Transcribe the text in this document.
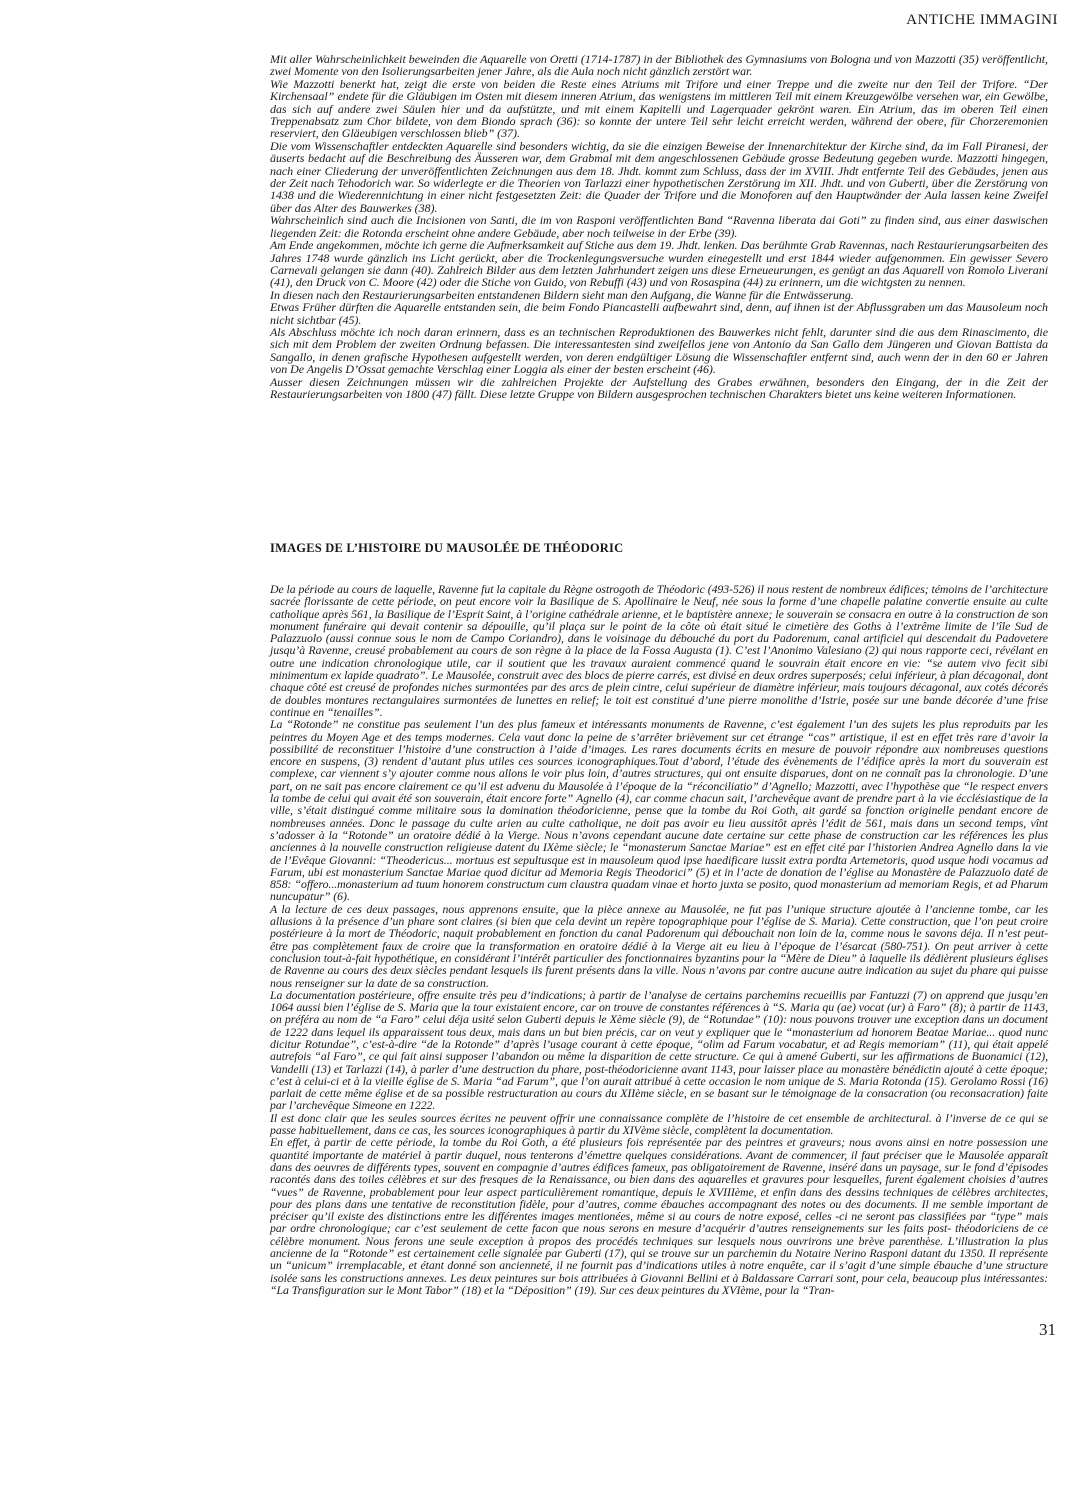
ANTICHE IMMAGINI

Mit aller Wahrscheinlichkeit beweinden die Aquarelle von Oretti (1714-1787) in der Bibliothek des Gymnasiums von Bologna und von Mazzotti (35) veröffentlicht, zwei Momente von den Isolierungsarbeiten jener Jahre, als die Aula noch nicht gänzlich zerstört war.

Wie Mazzotti benerkt hat, zeigt die erste von beiden die Reste eines Atriums mit Trifore und einer Treppe und die zweite nur den Teil der Trifore. “Der Kirchensaal” endete für die Gläubigen im Osten mit diesem inneren Atrium, das wenigstens im mittleren Teil mit einem Kreuzgewölbe versehen war, ein Gewölbe, das sich auf andere zwei Säulen hier und da aufstützte, und mit einem Kapitelli und Lagerquader gekrönt waren. Ein Atrium, das im oberen Teil einen Treppenabsatz zum Chor bildete, von dem Biondo sprach (36): so konnte der untere Teil sehr leicht erreicht werden, während der obere, für Chorzeremonien reserviert, den Gläeubigen verschlossen blieb” (37).

Die vom Wissenschaftler entdeckten Aquarelle sind besonders wichtig, da sie die einzigen Beweise der Innenarchitektur der Kirche sind, da im Fall Piranesi, der äuserts bedacht auf die Beschreibung des Äusseren war, dem Grabmal mit dem angeschlossenen Gebäude grosse Bedeutung gegeben wurde. Mazzotti hingegen, nach einer Cliederung der unveröffentlichten Zeichnungen aus dem 18. Jhdt. kommt zum Schluss, dass der im XVIII. Jhdt entfernte Teil des Gebäudes, jenen aus der Zeit nach Tehodorich war. So widerlegte er die Theorien von Tarlazzi einer hypothetischen Zerstörung im XII. Jhdt. und von Guberti, über die Zerstörung von 1438 und die Wiederennichtung in einer nicht festgesetzten Zeit: die Quader der Trifore und die Monoforen auf den Hauptwänder der Aula lassen keine Zweifel über das Alter des Bauwerkes (38).

Wahrscheinlich sind auch die Incisionen von Santi, die im von Rasponi veröffentlichten Band “Ravenna liberata dai Goti” zu finden sind, aus einer daswischen liegenden Zeit: die Rotonda erscheint ohne andere Gebäude, aber noch teilweise in der Erbe (39).

Am Ende angekommen, möchte ich gerne die Aufmerksamkeit auf Stiche aus dem 19. Jhdt. lenken. Das berühmte Grab Ravennas, nach Restaurierungsarbeiten des Jahres 1748 wurde gänzlich ins Licht gerückt, aber die Trockenlegungsversuche wurden einegestellt und erst 1844 wieder aufgenommen. Ein gewisser Severo Carnevali gelangen sie dann (40). Zahlreich Bilder aus dem letzten Jahrhundert zeigen uns diese Erneueurungen, es genügt an das Aquarell von Romolo Liverani (41), den Druck von C. Moore (42) oder die Stiche von Guido, von Rebuffi (43) und von Rosaspina (44) zu erinnern, um die wichtgsten zu nennen.

In diesen nach den Restaurierungsarbeiten entstandenen Bildern sieht man den Aufgang, die Wanne für die Entwässerung.

Etwas Früher dürften die Aquarelle entstanden sein, die beim Fondo Piancastelli aufbewahrt sind, denn, auf ihnen ist der Abflussgraben um das Mausoleum noch nicht sichtbar (45).

Als Abschluss möchte ich noch daran erinnern, dass es an technischen Reproduktionen des Bauwerkes nicht fehlt, darunter sind die aus dem Rinascimento, die sich mit dem Problem der zweiten Ordnung befassen. Die interessantesten sind zweifellos jene von Antonio da San Gallo dem Jüngeren und Giovan Battista da Sangallo, in denen grafische Hypothesen aufgestellt werden, von deren endgültiger Lösung die Wissenschaftler entfernt sind, auch wenn der in den 60 er Jahren von De Angelis D’Ossat gemachte Verschlag einer Loggia als einer der besten erscheint (46).

Ausser diesen Zeichnungen müssen wir die zahlreichen Projekte der Aufstellung des Grabes erwähnen, besonders den Eingang, der in die Zeit der Restaurierungsarbeiten von 1800 (47) fällt. Diese letzte Gruppe von Bildern ausgesprochen technischen Charakters bietet uns keine weiteren Informationen.

IMAGES DE L’HISTOIRE DU MAUSOLÉE DE THÉODORIC

De la période au cours de laquelle, Ravenne fut la capitale du Règne ostrogoth de Théodoric (493-526) il nous restent de nombreux édifices; témoins de l’architecture sacrée florissante de cette période, on peut encore voir la Basilique de S. Apollinaire le Neuf, née sous la forme d’une chapelle palatine convertie ensuite au culte catholique après 561, la Basilique de l’Esprit Saint, à l’origine cathédrale arienne, et le baptistère annexe; le souverain se consacra en outre à la construction de son monument funéraire qui devait contenir sa dépouille, qu’il plaça sur le point de la côte où était situé le cimetière des Goths à l’extrême limite de l’île Sud de Palazzuolo (aussi connue sous le nom de Campo Coriandro), dans le voisinage du débouché du port du Padorenum, canal artificiel qui descendait du Padovetere jusqu’à Ravenne, creusé probablement au cours de son règne à la place de la Fossa Augusta (1). C’est l’Anonimo Valesiano (2) qui nous rapporte ceci, révélant en outre une indication chronologique utile, car il soutient que les travaux auraient commencé quand le souvrain était encore en vie: “se autem vivo fecit sibi minimentum ex lapide quadrato”. Le Mausolée, construit avec des blocs de pierre carrés, est divisé en deux ordres superposés; celui inférieur, à plan décagonal, dont chaque côté est creusé de profondes niches surmontées par des arcs de plein cintre, celui supérieur de diamètre inférieur, mais toujours décagonal, aux cotés décorés de doubles montures rectangulaires surmontées de lunettes en relief; le toit est constitué d’une pierre monolithe d’Istrie, posée sur une bande décorée d’une frise continue en “tenailles”.

La “Rotonde” ne constitue pas seulement l’un des plus fameux et intéressants monuments de Ravenne, c’est également l’un des sujets les plus reproduits par les peintres du Moyen Age et des temps modernes. Cela vaut donc la peine de s’arrêter brièvement sur cet étrange “cas” artistique, il est en effet très rare d’avoir la possibilité de reconstituer l’histoire d’une construction à l’aide d’images. Les rares documents écrits en mesure de pouvoir répondre aux nombreuses questions encore en suspens, (3) rendent d’autant plus utiles ces sources iconographiques.Tout d’abord, l’étude des évènements de l’édifice après la mort du souverain est complexe, car viennent s’y ajouter comme nous allons le voir plus loin, d’autres structures, qui ont ensuite disparues, dont on ne connaît pas la chronologie. D’une part, on ne sait pas encore clairement ce qu’il est advenu du Mausolée à l’époque de la “réconciliatio” d’Agnello; Mazzotti, avec l’hypothèse que “le respect envers la tombe de celui qui avait été son souverain, était encore forte” Agnello (4), car comme chacun sait, l’archevêque avant de prendre part à la vie écclésiastique de la ville, s’était distingué comme militaire sous la domination théodoricienne, pense que la tombe du Roi Goth, ait gardé sa fonction originelle pendant encore de nombreuses années. Donc le passage du culte arien au culte catholique, ne doit pas avoir eu lieu aussitôt après l’édit de 561, mais dans un second temps, vînt s’adosser à la “Rotonde” un oratoire dédié à la Vierge. Nous n’avons cependant aucune date certaine sur cette phase de construction car les références les plus anciennes à la nouvelle construction religieuse datent du IXème siècle; le “monasterum Sanctae Mariae” est en effet cité par l’historien Andrea Agnello dans la vie de l’Evêque Giovanni: “Theodericus... mortuus est sepultusque est in mausoleum quod ipse haedificare iussit extra pordta Artemetoris, quod usque hodi vocamus ad Farum, ubi est monasterium Sanctae Mariae quod dicitur ad Memoria Regis Theodorici” (5) et in l’acte de donation de l’église au Monastère de Palazzuolo daté de 858: “offero...monasterium ad tuum honorem constructum cum claustra quadam vinae et horto juxta se posito, quod monasterium ad memoriam Regis, et ad Pharum nuncupatur” (6).

A la lecture de ces deux passages, nous apprenons ensuite, que la pièce annexe au Mausolée, ne fut pas l’unique structure ajoutée à l’ancienne tombe, car les allusions à la présence d’un phare sont claires (si bien que cela devint un repère topographique pour l’église de S. Maria). Cette construction, que l’on peut croire postérieure à la mort de Théodoric, naquit probablement en fonction du canal Padorenum qui débouchait non loin de la, comme nous le savons déja. Il n’est peut-être pas complètement faux de croire que la transformation en oratoire dédié à la Vierge ait eu lieu à l’époque de l’ésarcat (580-751). On peut arriver à cette conclusion tout-à-fait hypothétique, en considérant l’intérêt particulier des fonctionnaires byzantins pour la “Mère de Dieu” à laquelle ils dédièrent plusieurs églises de Ravenne au cours des deux siècles pendant lesquels ils furent présents dans la ville. Nous n’avons par contre aucune autre indication au sujet du phare qui puisse nous renseigner sur la date de sa construction.

La documentation postérieure, offre ensuite très peu d’indications; à partir de l’analyse de certains parchemins recueillis par Fantuzzi (7) on apprend que jusqu’en 1064 aussi bien l’église de S. Maria que la tour existaient encore, car on trouve de constantes références à “S. Maria qu (ae) vocat (ur) à Faro” (8); à partir de 1143, on préféra au nom de “a Faro” celui déja usité selon Guberti depuis le Xème siècle (9), de “Rotundae” (10): nous pouvons trouver une exception dans un document de 1222 dans lequel ils apparaissent tous deux, mais dans un but bien précis, car on veut y expliquer que le “monasterium ad honorem Beatae Mariae... quod nunc dicitur Rotundae”, c’est-à-dire “de la Rotonde” d’après l’usage courant à cette époque, “olim ad Farum vocabatur, et ad Regis memoriam” (11), qui était appelé autrefois “al Faro”, ce qui fait ainsi supposer l’abandon ou même la disparition de cette structure. Ce qui à amené Guberti, sur les affirmations de Buonamici (12), Vandelli (13) et Tarlazzi (14), à parler d’une destruction du phare, post-théodoricienne avant 1143, pour laisser place au monastère bénédictin ajouté à cette époque; c’est à celui-ci et à la vieille église de S. Maria “ad Farum”, que l’on aurait attribué à cette occasion le nom unique de S. Maria Rotonda (15). Gerolamo Rossi (16) parlait de cette même église et de sa possible restructuration au cours du XIIème siècle, en se basant sur le témoignage de la consacration (ou reconsacration) faite par l’archevêque Simeone en 1222.

Il est donc clair que les seules sources écrites ne peuvent offrir une connaissance complète de l’histoire de cet ensemble de architectural. à l’inverse de ce qui se passe habituellement, dans ce cas, les sources iconographiques à partir du XIVème siècle, complètent la documentation.

En effet, à partir de cette période, la tombe du Roi Goth, a été plusieurs fois représentée par des peintres et graveurs; nous avons ainsi en notre possession une quantité importante de matériel à partir duquel, nous tenterons d’émettre quelques considérations. Avant de commencer, il faut préciser que le Mausolée apparaît dans des oeuvres de différents types, souvent en compagnie d’autres édifices fameux, pas obligatoirement de Ravenne, inséré dans un paysage, sur le fond d’épisodes racontés dans des toiles célèbres et sur des fresques de la Renaissance, ou bien dans des aquarelles et gravures pour lesquelles, furent également choisies d’autres “vues” de Ravenne, probablement pour leur aspect particulièrement romantique, depuis le XVIIIème, et enfin dans des dessins techniques de célèbres architectes, pour des plans dans une tentative de reconstitution fidèle, pour d’autres, comme ébauches accompagnant des notes ou des documents. Il me semble important de préciser qu’il existe des distinctions entre les différentes images mentionées, même si au cours de notre exposé, celles -ci ne seront pas classifiées par “type” mais par ordre chronologique; car c’est seulement de cette facon que nous serons en mesure d’acquérir d’autres renseignements sur les faits post- théodoriciens de ce célèbre monument. Nous ferons une seule exception à propos des procédés techniques sur lesquels nous ouvrirons une brève parenthèse. L’illustration la plus ancienne de la “Rotonde” est certainement celle signalée par Guberti (17), qui se trouve sur un parchemin du Notaire Nerino Rasponi datant du 1350. Il représente un “unicum” irremplacable, et étant donné son ancienneté, il ne fournit pas d’indications utiles à notre enquête, car il s’agit d’une simple ébauche d’une structure isolée sans les constructions annexes. Les deux peintures sur bois attribuées à Giovanni Bellini et à Baldassare Carrari sont, pour cela, beaucoup plus intéressantes: “La Transfiguration sur le Mont Tabor” (18) et la “Déposition” (19). Sur ces deux peintures du XVIème, pour la “Tran-

31
